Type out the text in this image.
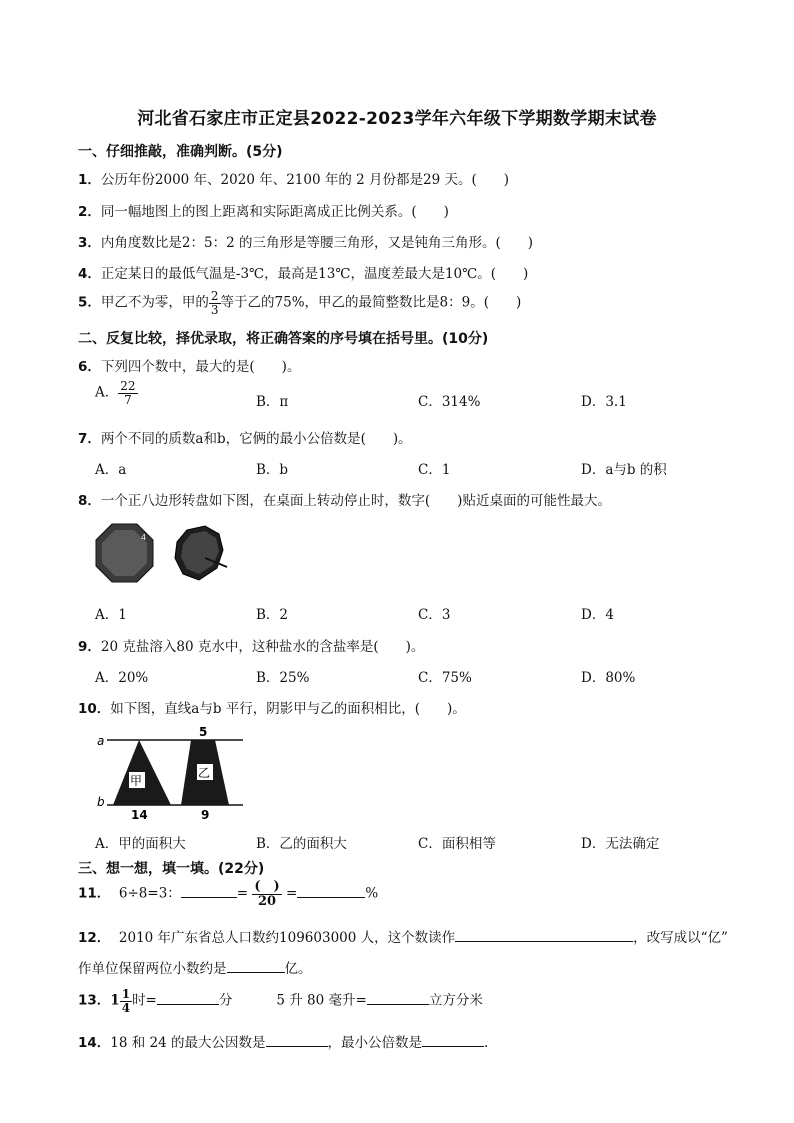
河北省石家庄市正定县2022-2023学年六年级下学期数学期末试卷
一、仔细推敲，准确判断。(5分)
1．公历年份2000 年、2020 年、2100 年的 2 月份都是29 天。(　　)
2．同一幅地图上的图上距离和实际距离成正比例关系。(　　)
3．内角度数比是2：5：2 的三角形是等腰三角形，又是钝角三角形。(　　)
4．正定某日的最低气温是-3℃，最高是13℃，温度差最大是10℃。(　　)
5．甲乙不为零，甲的 $\frac{2}{3}$ 等于乙的75%，甲乙的最简整数比是8：9。(　　)
二、反复比较，择优录取，将正确答案的序号填在括号里。(10分)
6．下列四个数中，最大的是(　　)。
A． $\frac{22}{7}$	B．π	C．314%	D．3.1
7．两个不同的质数a和b，它俩的最小公倍数是(　　)。
A．a	B．b	C．1	D．a与b 的积
8．一个正八边形转盘如下图，在桌面上转动停止时，数字(　　)贴近桌面的可能性最大。
4
A．1	B．2	C．3	D．4
9．20 克盐溶入80 克水中，这种盐水的含盐率是(　　)。
A．20%	B．25%	C．75%	D．80%
10．如下图，直线a与b 平行，阴影甲与乙的面积相比，(　　)。
a
b
甲
乙
5
14	9
A．甲的面积大	B．乙的面积大	C．面积相等	D．无法确定
三、想一想，填一填。(22分)
11． 6÷8=3：	= $\frac{( )}{20}$ =	%
12． 2010 年广东省总人口数约109603000 人，这个数读作	，改写成以“亿”
作单位保留两位小数约是	亿。
13．$1 \frac{1}{4}$ 时=	分	5 升 80 毫升=	立方分米
14．18 和 24 的最大公因数是	，最小公倍数是	.
